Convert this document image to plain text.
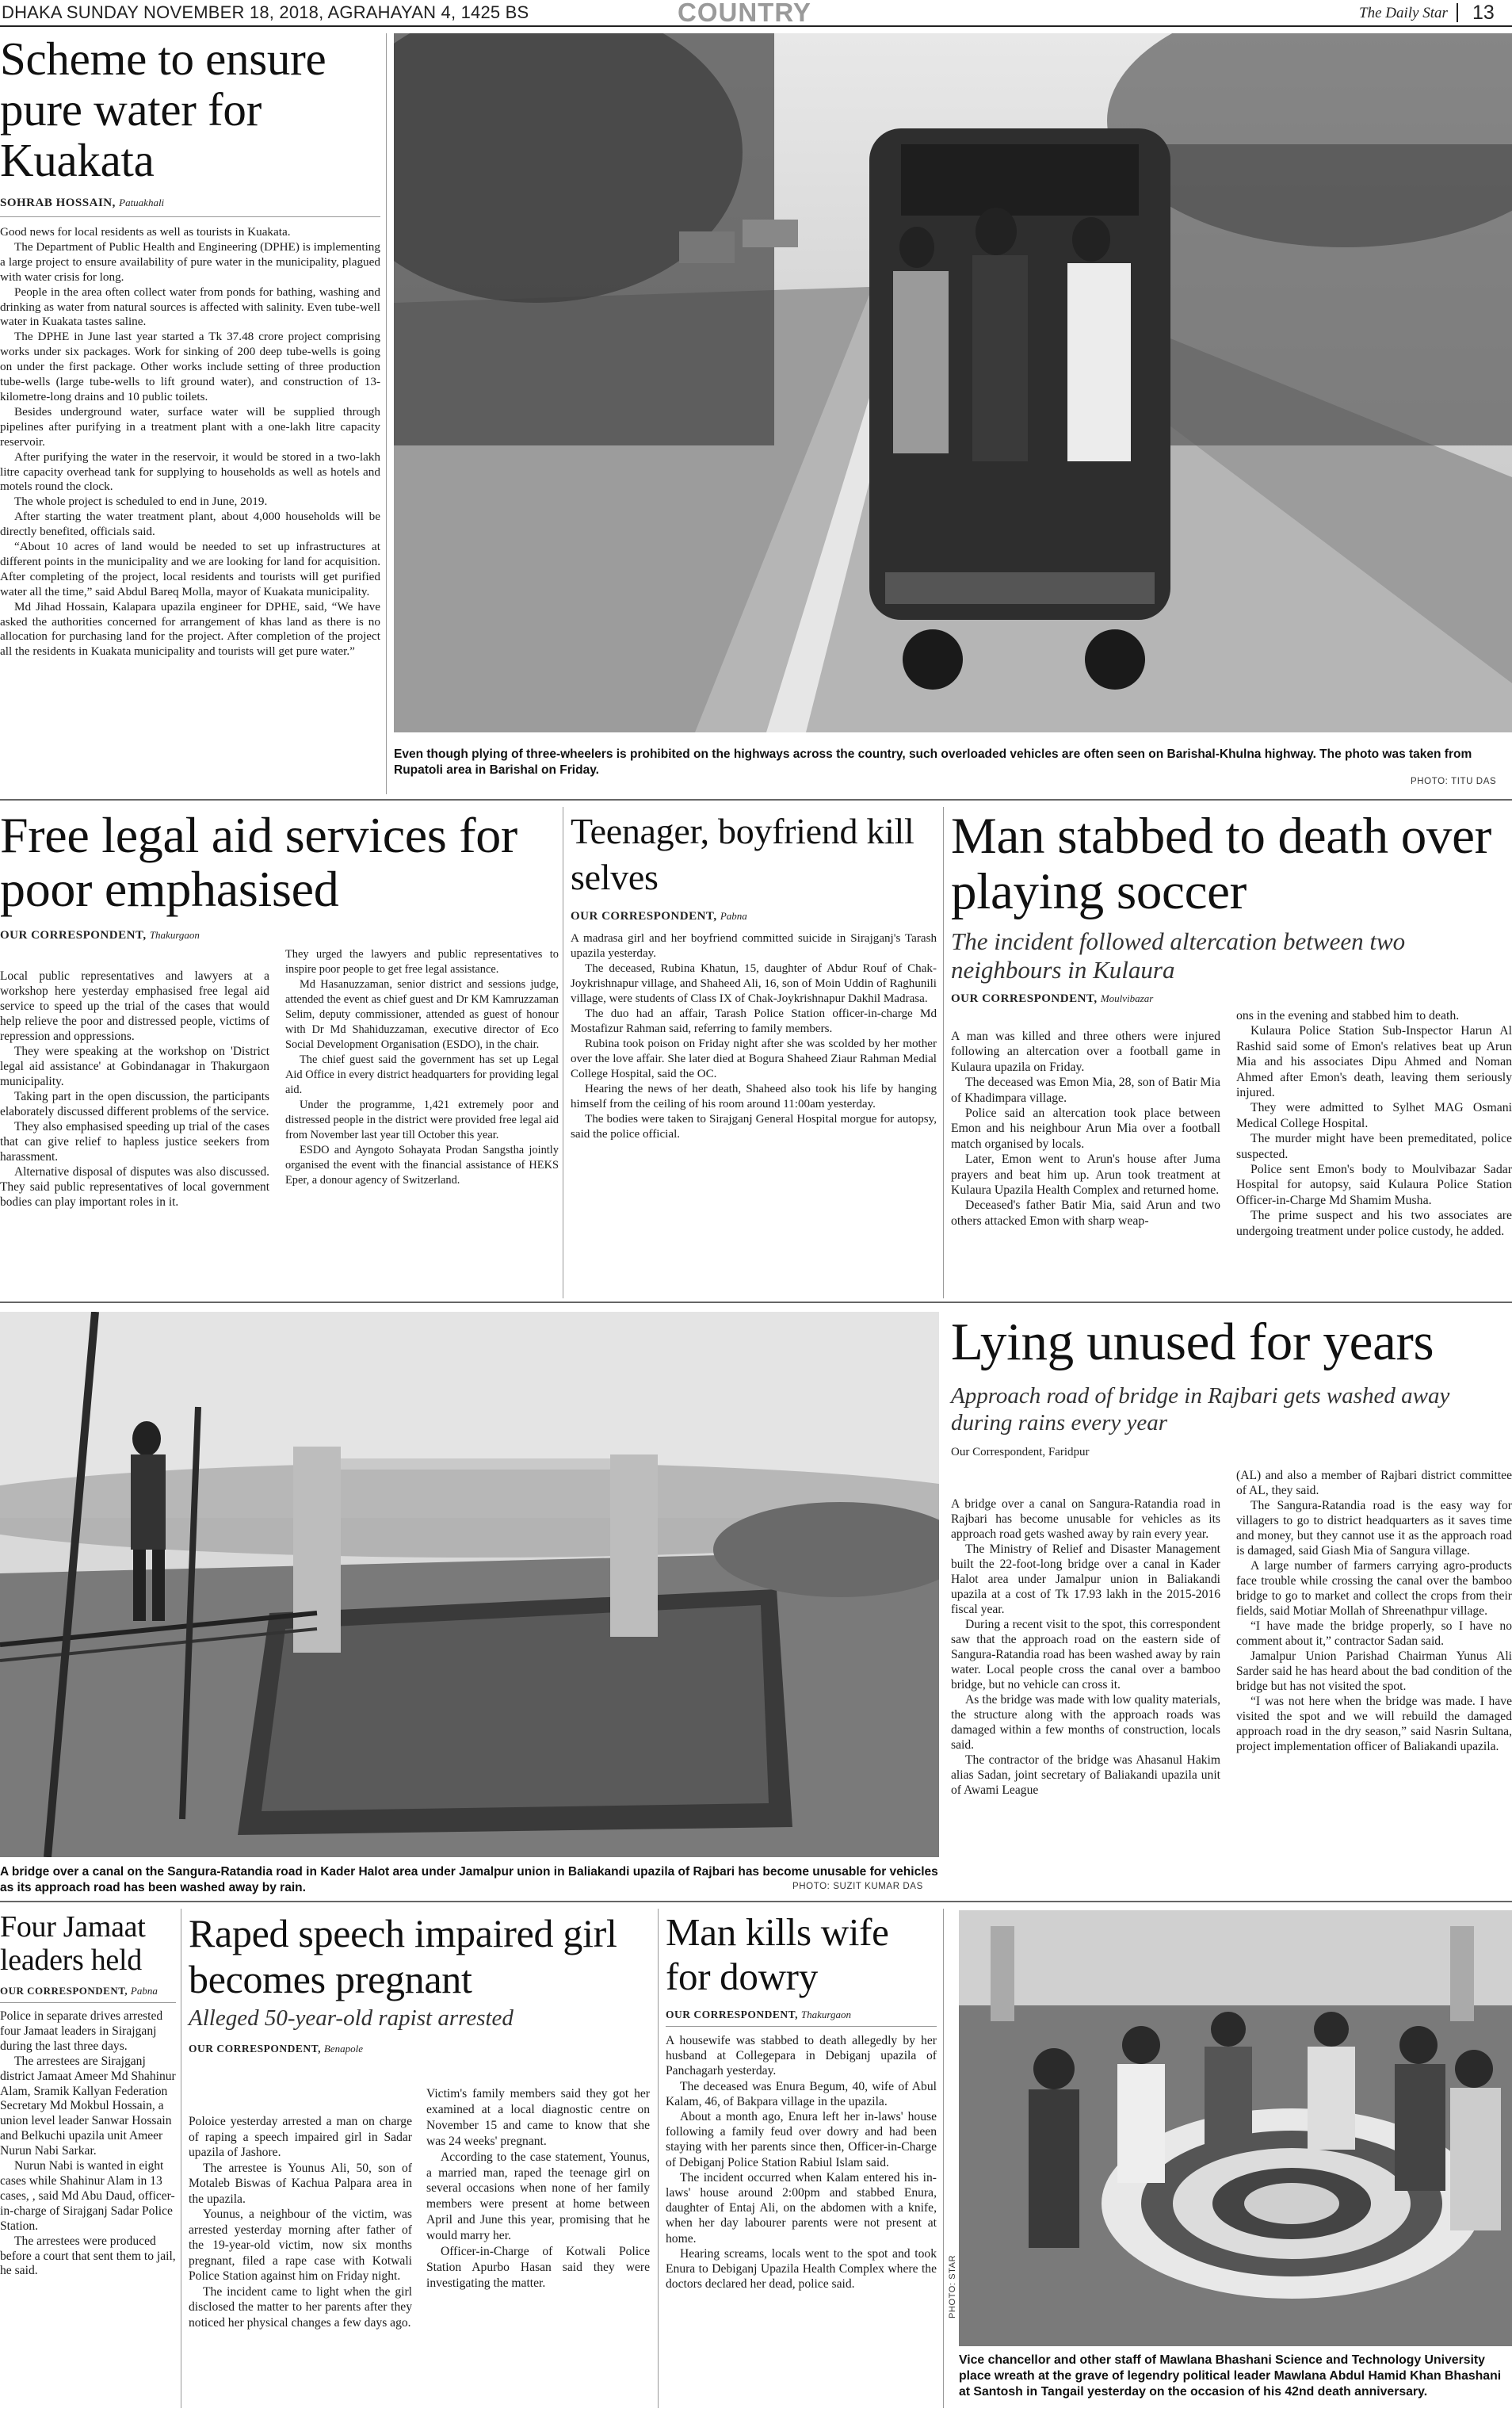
DHAKA SUNDAY NOVEMBER 18, 2018, AGRAHAYAN 4, 1425 BS	COUNTRY	The Daily Star 13
Scheme to ensure pure water for Kuakata
SOHRAB HOSSAIN, Patuakhali

Good news for local residents as well as tourists in Kuakata.

The Department of Public Health and Engineering (DPHE) is implementing a large project to ensure availability of pure water in the municipality, plagued with water crisis for long.

People in the area often collect water from ponds for bathing, washing and drinking as water from natural sources is affected with salinity. Even tube-well water in Kuakata tastes saline.

The DPHE in June last year started a Tk 37.48 crore project comprising works under six packages. Work for sinking of 200 deep tube-wells is going on under the first package. Other works include setting of three production tube-wells (large tube-wells to lift ground water), and construction of 13-kilometre-long drains and 10 public toilets.

Besides underground water, surface water will be supplied through pipelines after purifying in a treatment plant with a one-lakh litre capacity reservoir.

After purifying the water in the reservoir, it would be stored in a two-lakh litre capacity overhead tank for supplying to households as well as hotels and motels round the clock.

The whole project is scheduled to end in June, 2019.

After starting the water treatment plant, about 4,000 households will be directly benefited, officials said.

“About 10 acres of land would be needed to set up infrastructures at different points in the municipality and we are looking for land for acquisition. After completing of the project, local residents and tourists will get purified water all the time,” said Abdul Bareq Molla, mayor of Kuakata municipality.

Md Jihad Hossain, Kalapara upazila engineer for DPHE, said, “We have asked the authorities concerned for arrangement of khas land as there is no allocation for purchasing land for the project. After completion of the project all the residents in Kuakata municipality and tourists will get pure water.”

Even though plying of three-wheelers is prohibited on the highways across the country, such overloaded vehicles are often seen on Barishal-Khulna highway. The photo was taken from Rupatoli area in Barishal on Friday.
PHOTO: TITU DAS
Free legal aid services for poor emphasised
OUR CORRESPONDENT, Thakurgaon

Local public representatives and lawyers at a workshop here yesterday emphasised free legal aid service to speed up the trial of the cases that would help relieve the poor and distressed people, victims of repression and oppressions.

They were speaking at the workshop on 'District legal aid assistance' at Gobindanagar in Thakurgaon municipality.

Taking part in the open discussion, the participants elaborately discussed different problems of the service.

They also emphasised speeding up trial of the cases that can give relief to hapless justice seekers from harassment.

Alternative disposal of disputes was also discussed. They said public representatives of local government bodies can play important roles in it.

They urged the lawyers and public representatives to inspire poor people to get free legal assistance.

Md Hasanuzzaman, senior district and sessions judge, attended the event as chief guest and Dr KM Kamruzzaman Selim, deputy commissioner, attended as guest of honour with Dr Md Shahiduzzaman, executive director of Eco Social Development Organisation (ESDO), in the chair.

The chief guest said the government has set up Legal Aid Office in every district headquarters for providing legal aid.

Under the programme, 1,421 extremely poor and distressed people in the district were provided free legal aid from November last year till October this year.

ESDO and Ayngoto Sohayata Prodan Sangstha jointly organised the event with the financial assistance of HEKS Eper, a donour agency of Switzerland.

Teenager, boyfriend kill selves
OUR CORRESPONDENT, Pabna

A madrasa girl and her boyfriend committed suicide in Sirajganj's Tarash upazila yesterday.

The deceased, Rubina Khatun, 15, daughter of Abdur Rouf of Chak-Joykrishnapur village, and Shaheed Ali, 16, son of Moin Uddin of Raghunili village, were students of Class IX of Chak-Joykrishnapur Dakhil Madrasa.

The duo had an affair, Tarash Police Station officer-in-charge Md Mostafizur Rahman said, referring to family members.

Rubina took poison on Friday night after she was scolded by her mother over the love affair. She later died at Bogura Shaheed Ziaur Rahman Medial College Hospital, said the OC.

Hearing the news of her death, Shaheed also took his life by hanging himself from the ceiling of his room around 11:00am yesterday.

The bodies were taken to Sirajganj General Hospital morgue for autopsy, said the police official.

Man stabbed to death over playing soccer
The incident followed altercation between two neighbours in Kulaura
OUR CORRESPONDENT, Moulvibazar

A man was killed and three others were injured following an altercation over a football game in Kulaura upazila on Friday.

The deceased was Emon Mia, 28, son of Batir Mia of Khadimpara village.

Police said an altercation took place between Emon and his neighbour Arun Mia over a football match organised by locals.

Later, Emon went to Arun's house after Juma prayers and beat him up. Arun took treatment at Kulaura Upazila Health Complex and returned home.

Deceased's father Batir Mia, said Arun and two others attacked Emon with sharp weap-

ons in the evening and stabbed him to death.

Kulaura Police Station Sub-Inspector Harun Al Rashid said some of Emon's relatives beat up Arun Mia and his associates Dipu Ahmed and Noman Ahmed after Emon's death, leaving them seriously injured.

They were admitted to Sylhet MAG Osmani Medical College Hospital.

The murder might have been premeditated, police suspected.

Police sent Emon's body to Moulvibazar Sadar Hospital for autopsy, said Kulaura Police Station Officer-in-Charge Md Shamim Musha.

The prime suspect and his two associates are undergoing treatment under police custody, he added.

A bridge over a canal on the Sangura-Ratandia road in Kader Halot area under Jamalpur union in Baliakandi upazila of Rajbari has become unusable for vehicles as its approach road has been washed away by rain.	PHOTO: SUZIT KUMAR DAS
Lying unused for years
Approach road of bridge in Rajbari gets washed away during rains every year
Our Correspondent, Faridpur

A bridge over a canal on Sangura-Ratandia road in Rajbari has become unusable for vehicles as its approach road gets washed away by rain every year.

The Ministry of Relief and Disaster Management built the 22-foot-long bridge over a canal in Kader Halot area under Jamalpur union in Baliakandi upazila at a cost of Tk 17.93 lakh in the 2015-2016 fiscal year.

During a recent visit to the spot, this correspondent saw that the approach road on the eastern side of Sangura-Ratandia road has been washed away by rain water. Local people cross the canal over a bamboo bridge, but no vehicle can cross it.

As the bridge was made with low quality materials, the structure along with the approach roads was damaged within a few months of construction, locals said.

The contractor of the bridge was Ahasanul Hakim alias Sadan, joint secretary of Baliakandi upazila unit of Awami League

(AL) and also a member of Rajbari district committee of AL, they said.

The Sangura-Ratandia road is the easy way for villagers to go to district headquarters as it saves time and money, but they cannot use it as the approach road is damaged, said Giash Mia of Sangura village.

A large number of farmers carrying agro-products face trouble while crossing the canal over the bamboo bridge to go to market and collect the crops from their fields, said Motiar Mollah of Shreenathpur village.

“I have made the bridge properly, so I have no comment about it,” contractor Sadan said.

Jamalpur Union Parishad Chairman Yunus Ali Sarder said he has heard about the bad condition of the bridge but has not visited the spot.

“I was not here when the bridge was made. I have visited the spot and we will rebuild the damaged approach road in the dry season,” said Nasrin Sultana, project implementation officer of Baliakandi upazila.

Four Jamaat leaders held
OUR CORRESPONDENT, Pabna

Police in separate drives arrested four Jamaat leaders in Sirajganj during the last three days.

The arrestees are Sirajganj district Jamaat Ameer Md Shahinur Alam, Sramik Kallyan Federation Secretary Md Mokbul Hossain, a union level leader Sanwar Hossain and Belkuchi upazila unit Ameer Nurun Nabi Sarkar.

Nurun Nabi is wanted in eight cases while Shahinur Alam in 13 cases, , said Md Abu Daud, officer-in-charge of Sirajganj Sadar Police Station.

The arrestees were produced before a court that sent them to jail, he said.

Raped speech impaired girl becomes pregnant
Alleged 50-year-old rapist arrested
OUR CORRESPONDENT, Benapole

Poloice yesterday arrested a man on charge of raping a speech impaired girl in Sadar upazila of Jashore.

The arrestee is Younus Ali, 50, son of Motaleb Biswas of Kachua Palpara area in the upazila.

Younus, a neighbour of the victim, was arrested yesterday morning after father of the 19-year-old victim, now six months pregnant, filed a rape case with Kotwali Police Station against him on Friday night.

The incident came to light when the girl disclosed the matter to her parents after they noticed her physical changes a few days ago.

Victim's family members said they got her examined at a local diagnostic centre on November 15 and came to know that she was 24 weeks' pregnant.

According to the case statement, Younus, a married man, raped the teenage girl on several occasions when none of her family members were present at home between April and June this year, promising that he would marry her.

Officer-in-Charge of Kotwali Police Station Apurbo Hasan said they were investigating the matter.

Man kills wife for dowry
OUR CORRESPONDENT, Thakurgaon

A housewife was stabbed to death allegedly by her husband at Collegepara in Debiganj upazila of Panchagarh yesterday.

The deceased was Enura Begum, 40, wife of Abul Kalam, 46, of Bakpara village in the upazila.

About a month ago, Enura left her in-laws' house following a family feud over dowry and had been staying with her parents since then, Officer-in-Charge of Debiganj Police Station Rabiul Islam said.

The incident occurred when Kalam entered his in-laws' house around 2:00pm and stabbed Enura, daughter of Entaj Ali, on the abdomen with a knife, when her day labourer parents were not present at home.

Hearing screams, locals went to the spot and took Enura to Debiganj Upazila Health Complex where the doctors declared her dead, police said.	PHOTO: STAR
Vice chancellor and other staff of Mawlana Bhashani Science and Technology University place wreath at the grave of legendry political leader Mawlana Abdul Hamid Khan Bhashani at Santosh in Tangail yesterday on the occasion of his 42nd death anniversary.
